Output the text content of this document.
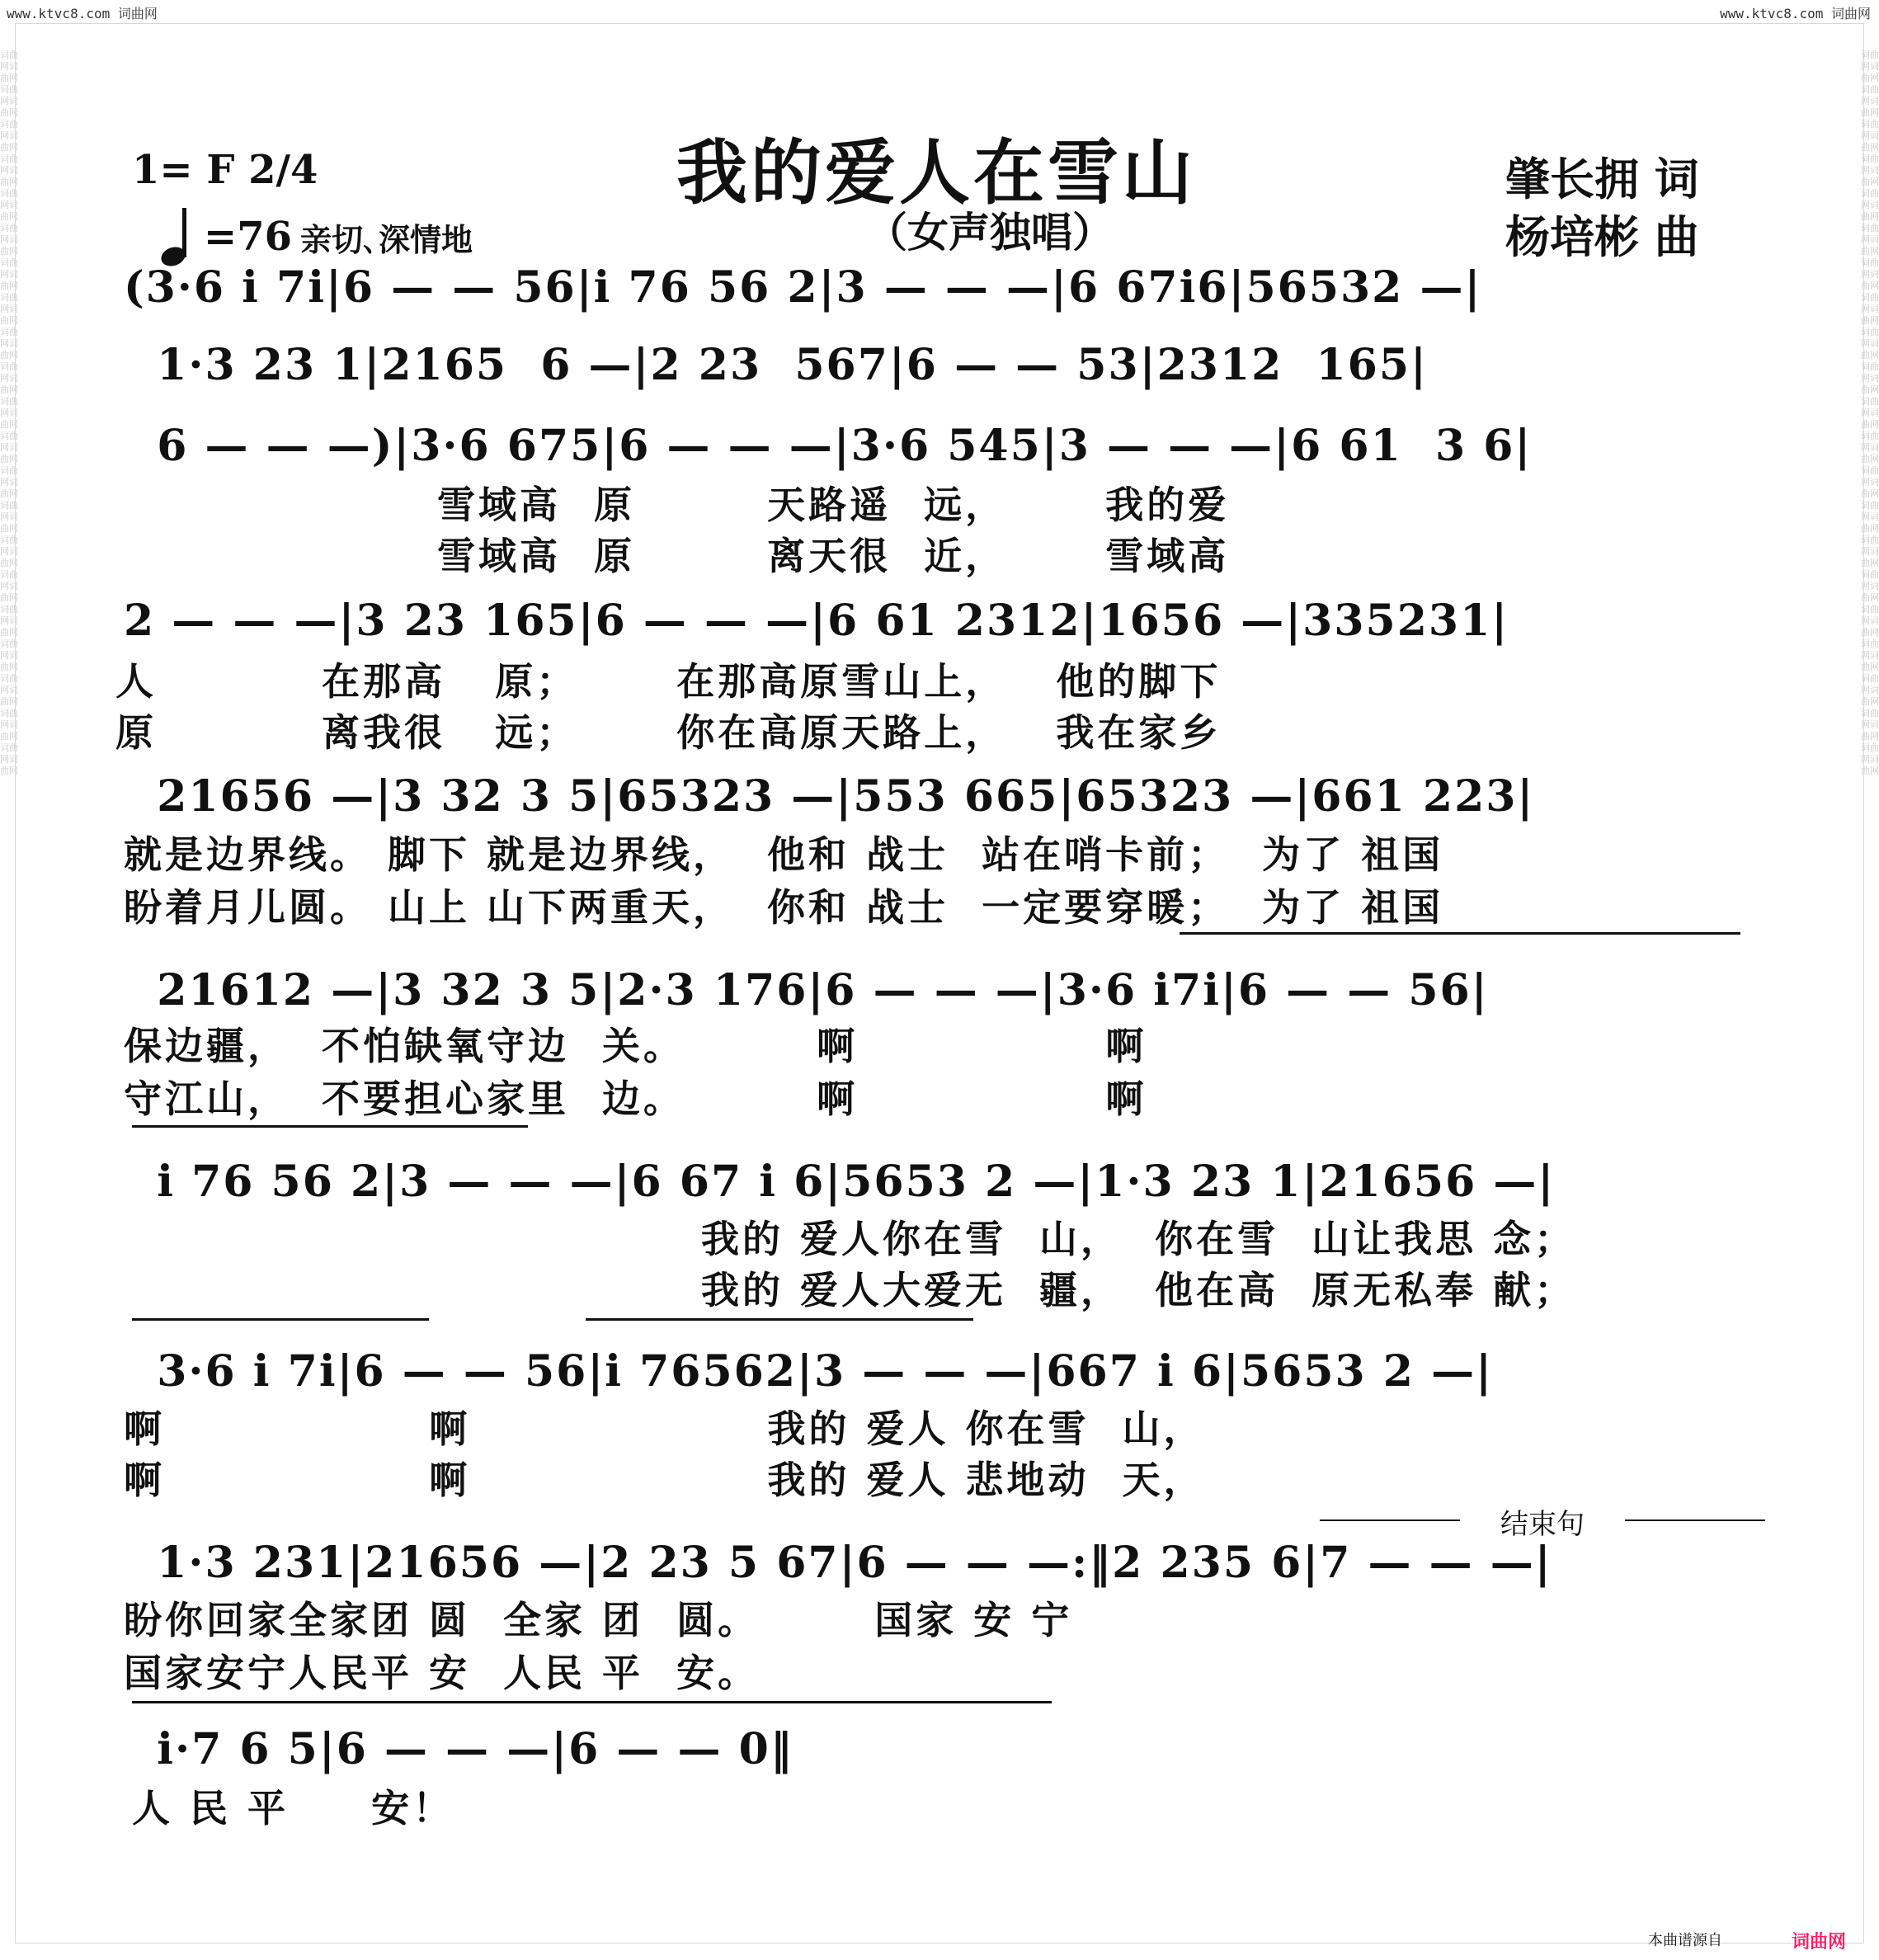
词曲网词曲网词曲网词曲网词曲网词曲网词曲网词曲网词曲网词曲网词曲网词曲网词曲网词曲网词曲网词曲网词曲网词曲网词曲网词曲网词曲网词曲网词曲网词曲网词曲网词曲网词曲网词曲网词曲网词曲网词曲网词曲网词曲网词曲网词曲网词曲网词曲网词曲网词曲网词曲网词曲网词曲网
词曲网词曲网词曲网词曲网词曲网词曲网词曲网词曲网词曲网词曲网词曲网词曲网词曲网词曲网词曲网词曲网词曲网词曲网词曲网词曲网词曲网词曲网词曲网词曲网词曲网词曲网词曲网词曲网词曲网词曲网词曲网词曲网词曲网词曲网词曲网词曲网词曲网词曲网词曲网词曲网词曲网词曲网
www.ktvc8.com 词曲网	www.ktvc8.com 词曲网
我的爱人在雪山
（女声独唱）
1= F 2/4
=76 亲切､深情地
肇长拥 词
杨培彬 曲
(3·6 i 7i|6 — — 56|i 76 56 2|3 — — —|6 67i6|56532 —|
1·3 23 1|2165  6 —|2 23  567|6 — — 53|2312  165|
6 — — —)|3·6 675|6 — — —|3·6 545|3 — — —|6 61  3 6|
雪域高  原        天路遥  远，      我的爱
雪域高  原        离天很  近，      雪域高
2 — — —|3 23 165|6 — — —|6 61 2312|1656 —|335231|
人          在那高   原；      在那高原雪山上，   他的脚下
原          离我很   远；      你在高原天路上，   我在家乡
21656 —|3 32 3 5|65323 —|553 665|65323 —|661 223|
就是边界线。 脚下 就是边界线，  他和 战士  站在哨卡前；  为了 祖国
盼着月儿圆。 山上 山下两重天，  你和 战士  一定要穿暖；  为了 祖国
21612 —|3 32 3 5|2·3 176|6 — — —|3·6 i7i|6 — — 56|
保边疆，  不怕缺氧守边  关。        啊               啊
守江山，  不要担心家里  边。        啊               啊
i 76 56 2|3 — — —|6 67 i 6|5653 2 —|1·3 23 1|21656 —|
我的 爱人你在雪  山，  你在雪  山让我思 念；
我的 爱人大爱无  疆，  他在高  原无私奉 献；
3·6 i 7i|6 — — 56|i 76562|3 — — —|667 i 6|5653 2 —|
啊                啊                  我的 爱人 你在雪  山，
啊                啊                  我的 爱人 悲地动  天，
结束句
1·3 231|21656 —|2 23 5 67|6 — — —:‖2 235 6|7 — — —|
盼你回家全家团 圆  全家 团  圆。       国家 安 宁
国家安宁人民平 安  人民 平  安。
i·7 6 5|6 — — —|6 — — 0‖
人 民 平     安！
本曲谱源自	词曲网
